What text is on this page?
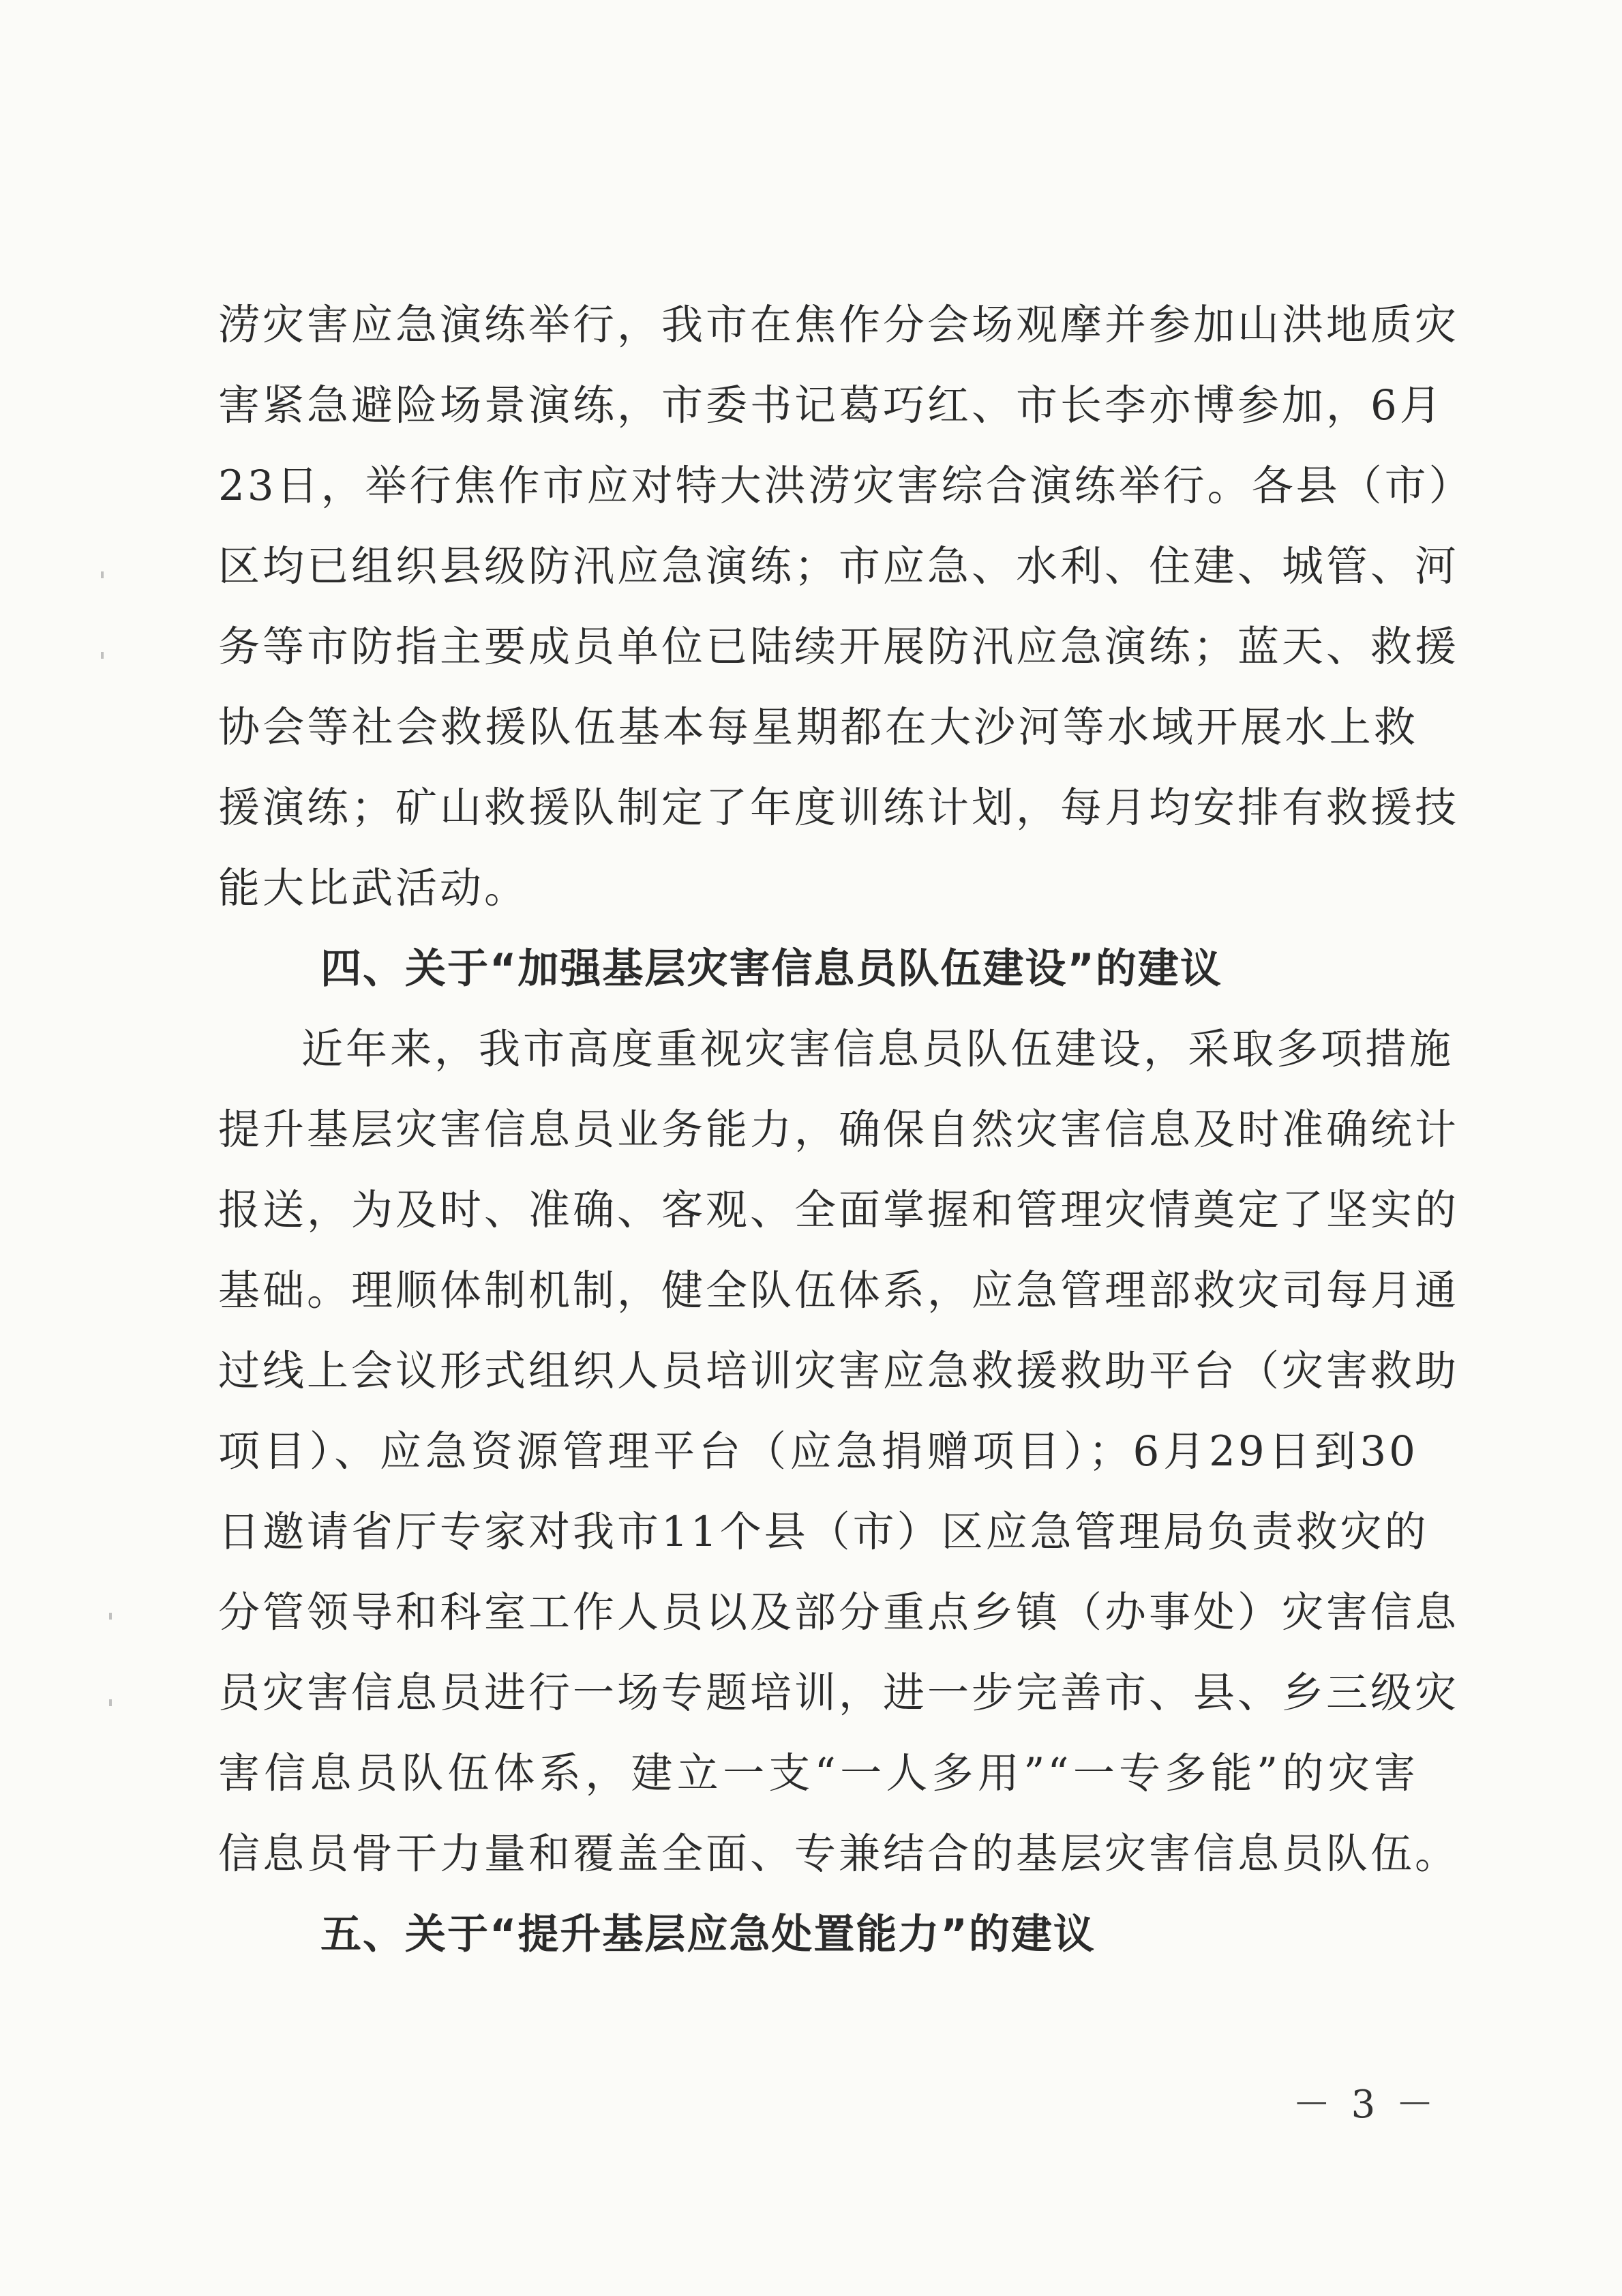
涝灾害应急演练举行，我市在焦作分会场观摩并参加山洪地质灾
害紧急避险场景演练，市委书记葛巧红、市长李亦博参加，6月
23日，举行焦作市应对特大洪涝灾害综合演练举行。各县（市）
区均已组织县级防汛应急演练；市应急、水利、住建、城管、河
务等市防指主要成员单位已陆续开展防汛应急演练；蓝天、救援
协会等社会救援队伍基本每星期都在大沙河等水域开展水上救
援演练；矿山救援队制定了年度训练计划，每月均安排有救援技
能大比武活动。
四、关于“加强基层灾害信息员队伍建设”的建议
近年来，我市高度重视灾害信息员队伍建设，采取多项措施
提升基层灾害信息员业务能力，确保自然灾害信息及时准确统计
报送，为及时、准确、客观、全面掌握和管理灾情奠定了坚实的
基础。理顺体制机制，健全队伍体系，应急管理部救灾司每月通
过线上会议形式组织人员培训灾害应急救援救助平台（灾害救助
项目）、应急资源管理平台（应急捐赠项目）；6月29日到30
日邀请省厅专家对我市11个县（市）区应急管理局负责救灾的
分管领导和科室工作人员以及部分重点乡镇（办事处）灾害信息
员灾害信息员进行一场专题培训，进一步完善市、县、乡三级灾
害信息员队伍体系，建立一支“一人多用”“一专多能”的灾害
信息员骨干力量和覆盖全面、专兼结合的基层灾害信息员队伍。
五、关于“提升基层应急处置能力”的建议
－ 3 －
